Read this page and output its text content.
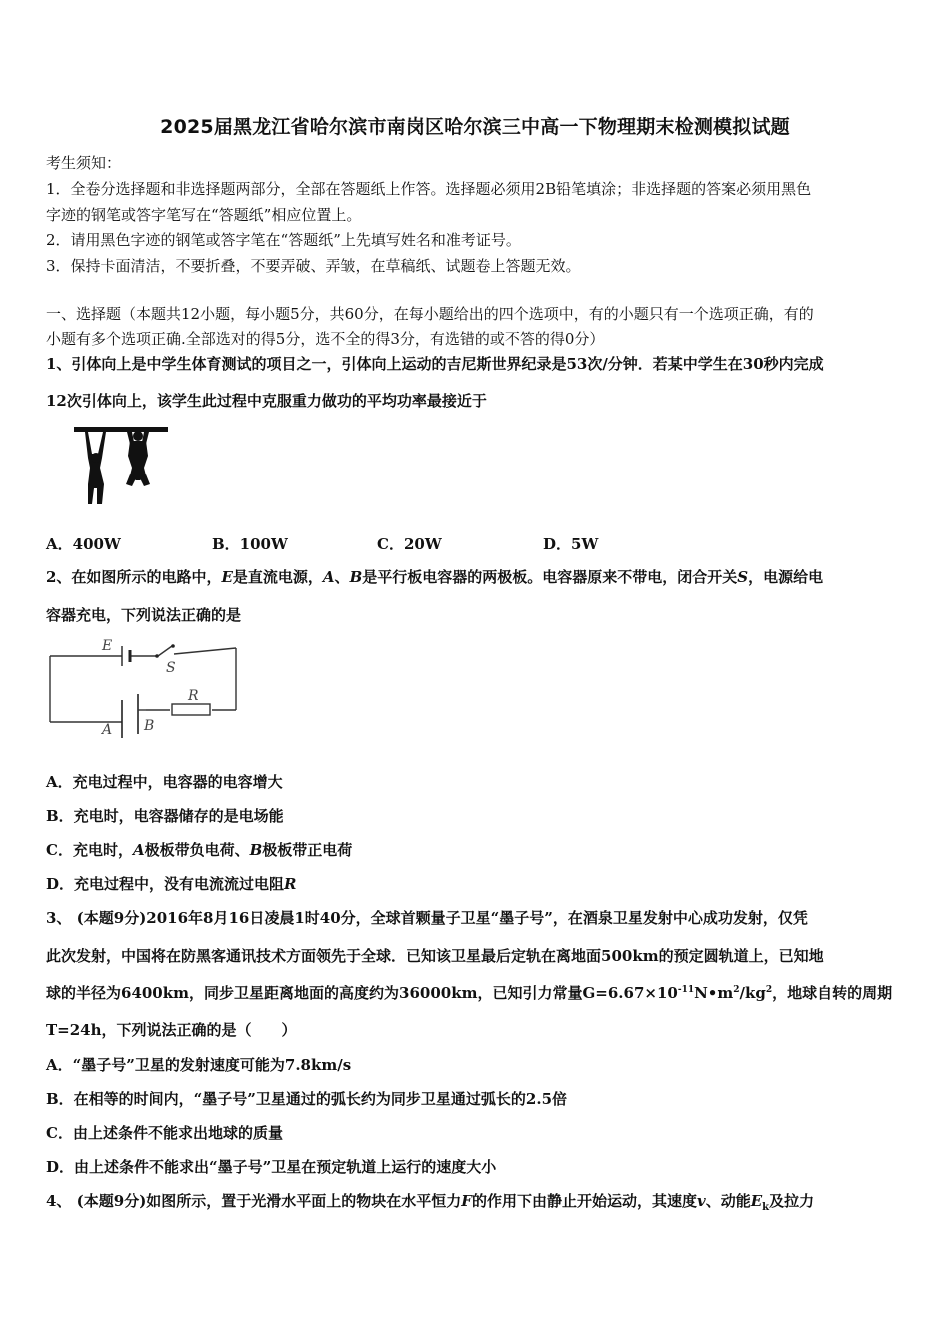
2025届黑龙江省哈尔滨市南岗区哈尔滨三中高一下物理期末检测模拟试题
考生须知：
1．全卷分选择题和非选择题两部分，全部在答题纸上作答。选择题必须用2B铅笔填涂；非选择题的答案必须用黑色
字迹的钢笔或答字笔写在“答题纸”相应位置上。
2．请用黑色字迹的钢笔或答字笔在“答题纸”上先填写姓名和准考证号。
3．保持卡面清洁，不要折叠，不要弄破、弄皱，在草稿纸、试题卷上答题无效。
一、选择题（本题共12小题，每小题5分，共60分，在每小题给出的四个选项中，有的小题只有一个选项正确，有的
小题有多个选项正确.全部选对的得5分，选不全的得3分，有选错的或不答的得0分）
1、引体向上是中学生体育测试的项目之一，引体向上运动的吉尼斯世界纪录是53次/分钟．若某中学生在30秒内完成
12次引体向上，该学生此过程中克服重力做功的平均功率最接近于
A．400W	B．100W	C．20W	D．5W
2、在如图所示的电路中，E是直流电源，A、B是平行板电容器的两极板。电容器原来不带电，闭合开关S，电源给电
容器充电，下列说法正确的是
E
S
R
A B
A．充电过程中，电容器的电容增大
B．充电时，电容器储存的是电场能
C．充电时，A极板带负电荷、B极板带正电荷
D．充电过程中，没有电流流过电阻R
3、 (本题9分)2016年8月16日凌晨1时40分，全球首颗量子卫星“墨子号”，在酒泉卫星发射中心成功发射，仅凭
此次发射，中国将在防黑客通讯技术方面领先于全球．已知该卫星最后定轨在离地面500km的预定圆轨道上，已知地
球的半径为6400km，同步卫星距离地面的高度约为36000km，已知引力常量$G=6.67\times 10^{-11}N•m^2/kg^2$，地球自转的周期
T=24h，下列说法正确的是（　　）
A．“墨子号”卫星的发射速度可能为7.8km/s
B．在相等的时间内，“墨子号”卫星通过的弧长约为同步卫星通过弧长的2.5倍
C．由上述条件不能求出地球的质量
D．由上述条件不能求出“墨子号”卫星在预定轨道上运行的速度大小
4、 (本题9分)如图所示，置于光滑水平面上的物块在水平恒力F的作用下由静止开始运动，其速度v、动能$E_k$及拉力
